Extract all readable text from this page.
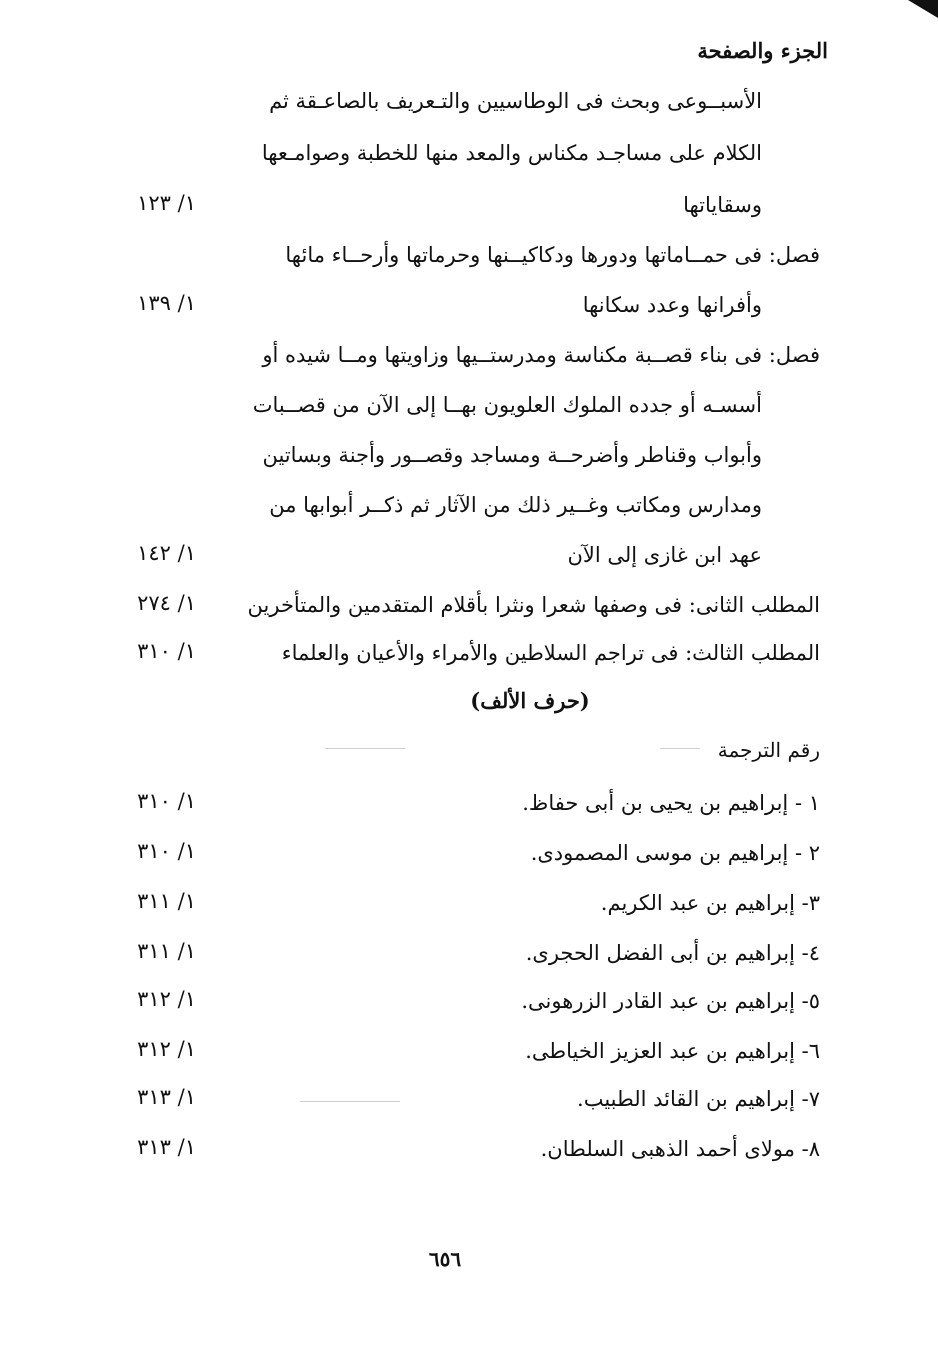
الجزء والصفحة
الأسبــوعى وبحث فى الوطاسيين والتـعريف بالصاعـقة ثم
الكلام على مساجـد مكناس والمعد منها للخطبة وصوامـعها
وسقاياتها
١/ ١٢٣
فصل: فى حمــاماتها ودورها ودكاكيــنها وحرماتها وأرحــاء مائها
وأفرانها وعدد سكانها
١/ ١٣٩
فصل: فى بناء قصــبة مكناسة ومدرستــيها وزاويتها ومــا شيده أو
أسسـه أو جدده الملوك العلويون بهــا إلى الآن من قصــبات
وأبواب وقناطر وأضرحــة ومساجد وقصــور وأجنة وبساتين
ومدارس ومكاتب وغــير ذلك من الآثار ثم ذكــر أبوابها من
عهد ابن غازى إلى الآن
١/ ١٤٢
المطلب الثانى: فى وصفها شعرا ونثرا بأقلام المتقدمين والمتأخرين
١/ ٢٧٤
المطلب الثالث: فى تراجم السلاطين والأمراء والأعيان والعلماء
١/ ٣١٠
(حرف الألف)
رقم الترجمة
١ - إبراهيم بن يحيى بن أبى حفاظ.
١/ ٣١٠
٢ - إبراهيم بن موسى المصمودى.
١/ ٣١٠
٣- إبراهيم بن عبد الكريم.
١/ ٣١١
٤- إبراهيم بن أبى الفضل الحجرى.
١/ ٣١١
٥- إبراهيم بن عبد القادر الزرهونى.
١/ ٣١٢
٦- إبراهيم بن عبد العزيز الخياطى.
١/ ٣١٢
٧- إبراهيم بن القائد الطبيب.
١/ ٣١٣
٨- مولاى أحمد الذهبى السلطان.
١/ ٣١٣
٦٥٦
